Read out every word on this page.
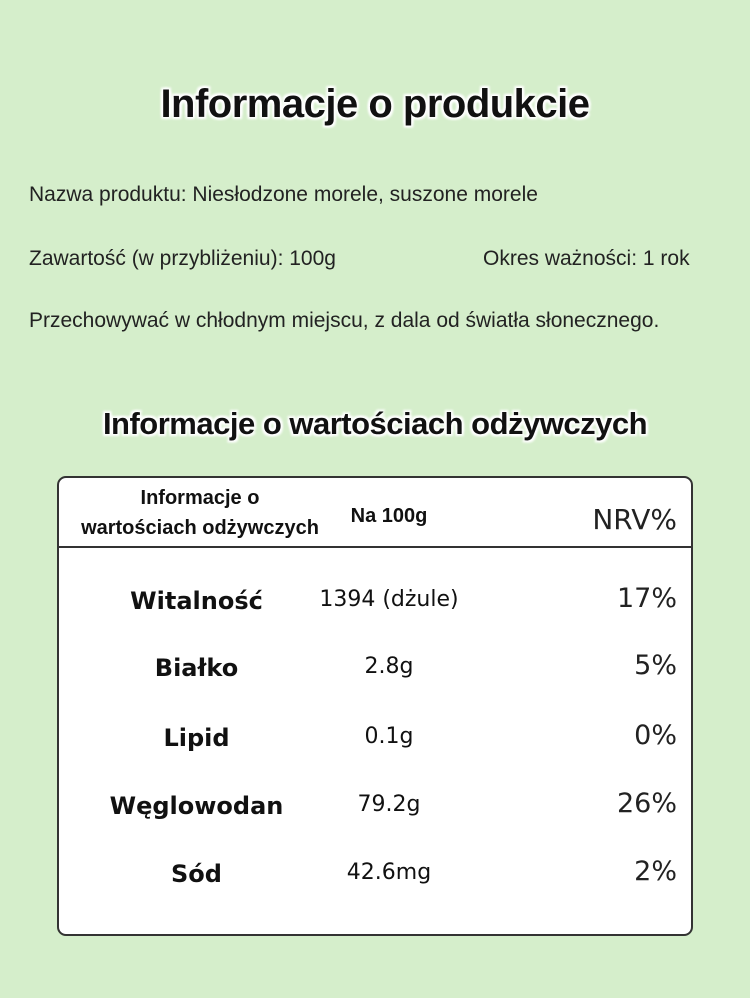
Informacje o produkcie
Nazwa produktu: Niesłodzone morele, suszone morele
Zawartość (w przybliżeniu): 100g	Okres ważności: 1 rok
Przechowywać w chłodnym miejscu, z dala od światła słonecznego.
Informacje o wartościach odżywczych
Informacje o
wartościach odżywczych
Na 100g	NRV%
Witalność	1394 (dżule)	17%
Białko	2.8g	5%
Lipid	0.1g	0%
Węglowodan	79.2g	26%
Sód	42.6mg	2%
